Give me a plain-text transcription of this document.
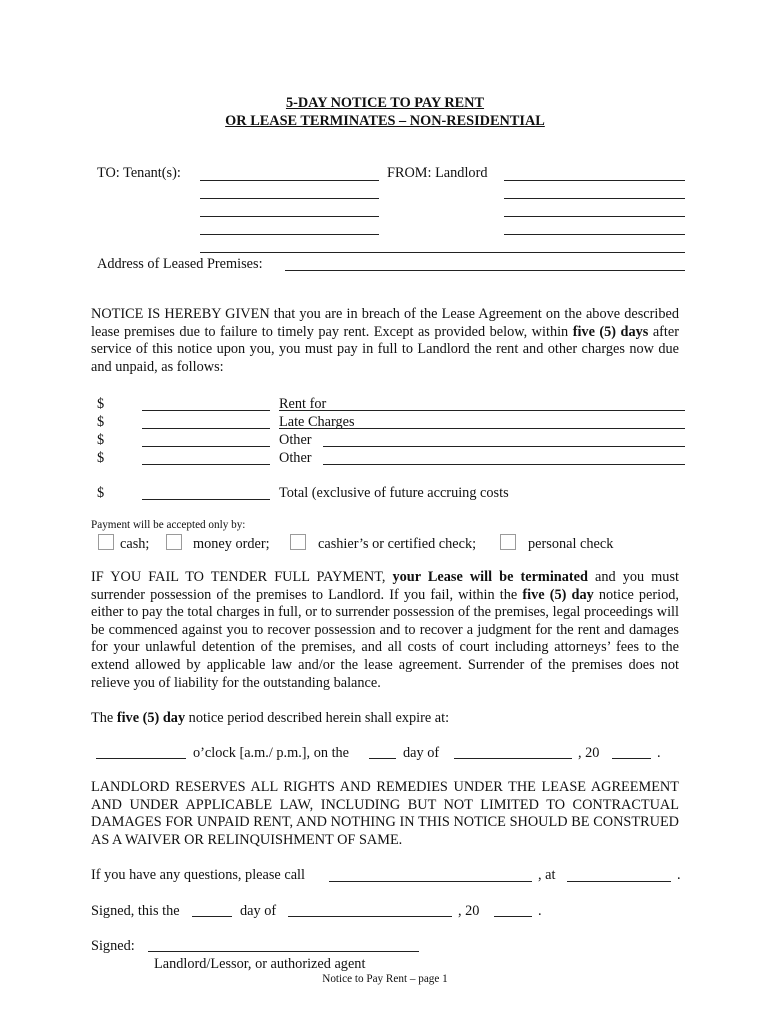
5-DAY NOTICE TO PAY RENT
OR LEASE TERMINATES – NON-RESIDENTIAL
TO: Tenant(s):	FROM: Landlord
Address of Leased Premises:
NOTICE IS HEREBY GIVEN that you are in breach of the Lease Agreement on the above described lease premises due to failure to timely pay rent. Except as provided below, within five (5) days after service of this notice upon you, you must pay in full to Landlord the rent and other charges now due and unpaid, as follows:
$	Rent for
$	Late Charges
$	Other
$	Other
$	Total (exclusive of future accruing costs
Payment will be accepted only by:
cash;	money order;	cashier’s or certified check;	personal check
IF YOU FAIL TO TENDER FULL PAYMENT, your Lease will be terminated and you must surrender possession of the premises to Landlord. If you fail, within the five (5) day notice period, either to pay the total charges in full, or to surrender possession of the premises, legal proceedings will be commenced against you to recover possession and to recover a judgment for the rent and damages for your unlawful detention of the premises, and all costs of court including attorneys’ fees to the extend allowed by applicable law and/or the lease agreement. Surrender of the premises does not relieve you of liability for the outstanding balance.
The five (5) day notice period described herein shall expire at:
o’clock [a.m./ p.m.], on the	day of	, 20	.
LANDLORD RESERVES ALL RIGHTS AND REMEDIES UNDER THE LEASE AGREEMENT AND UNDER APPLICABLE LAW, INCLUDING BUT NOT LIMITED TO CONTRACTUAL DAMAGES FOR UNPAID RENT, AND NOTHING IN THIS NOTICE SHOULD BE CONSTRUED AS A WAIVER OR RELINQUISHMENT OF SAME.
If you have any questions, please call	, at	.
Signed, this the	day of	, 20	.
Signed:
Landlord/Lessor, or authorized agent
Notice to Pay Rent – page 1
